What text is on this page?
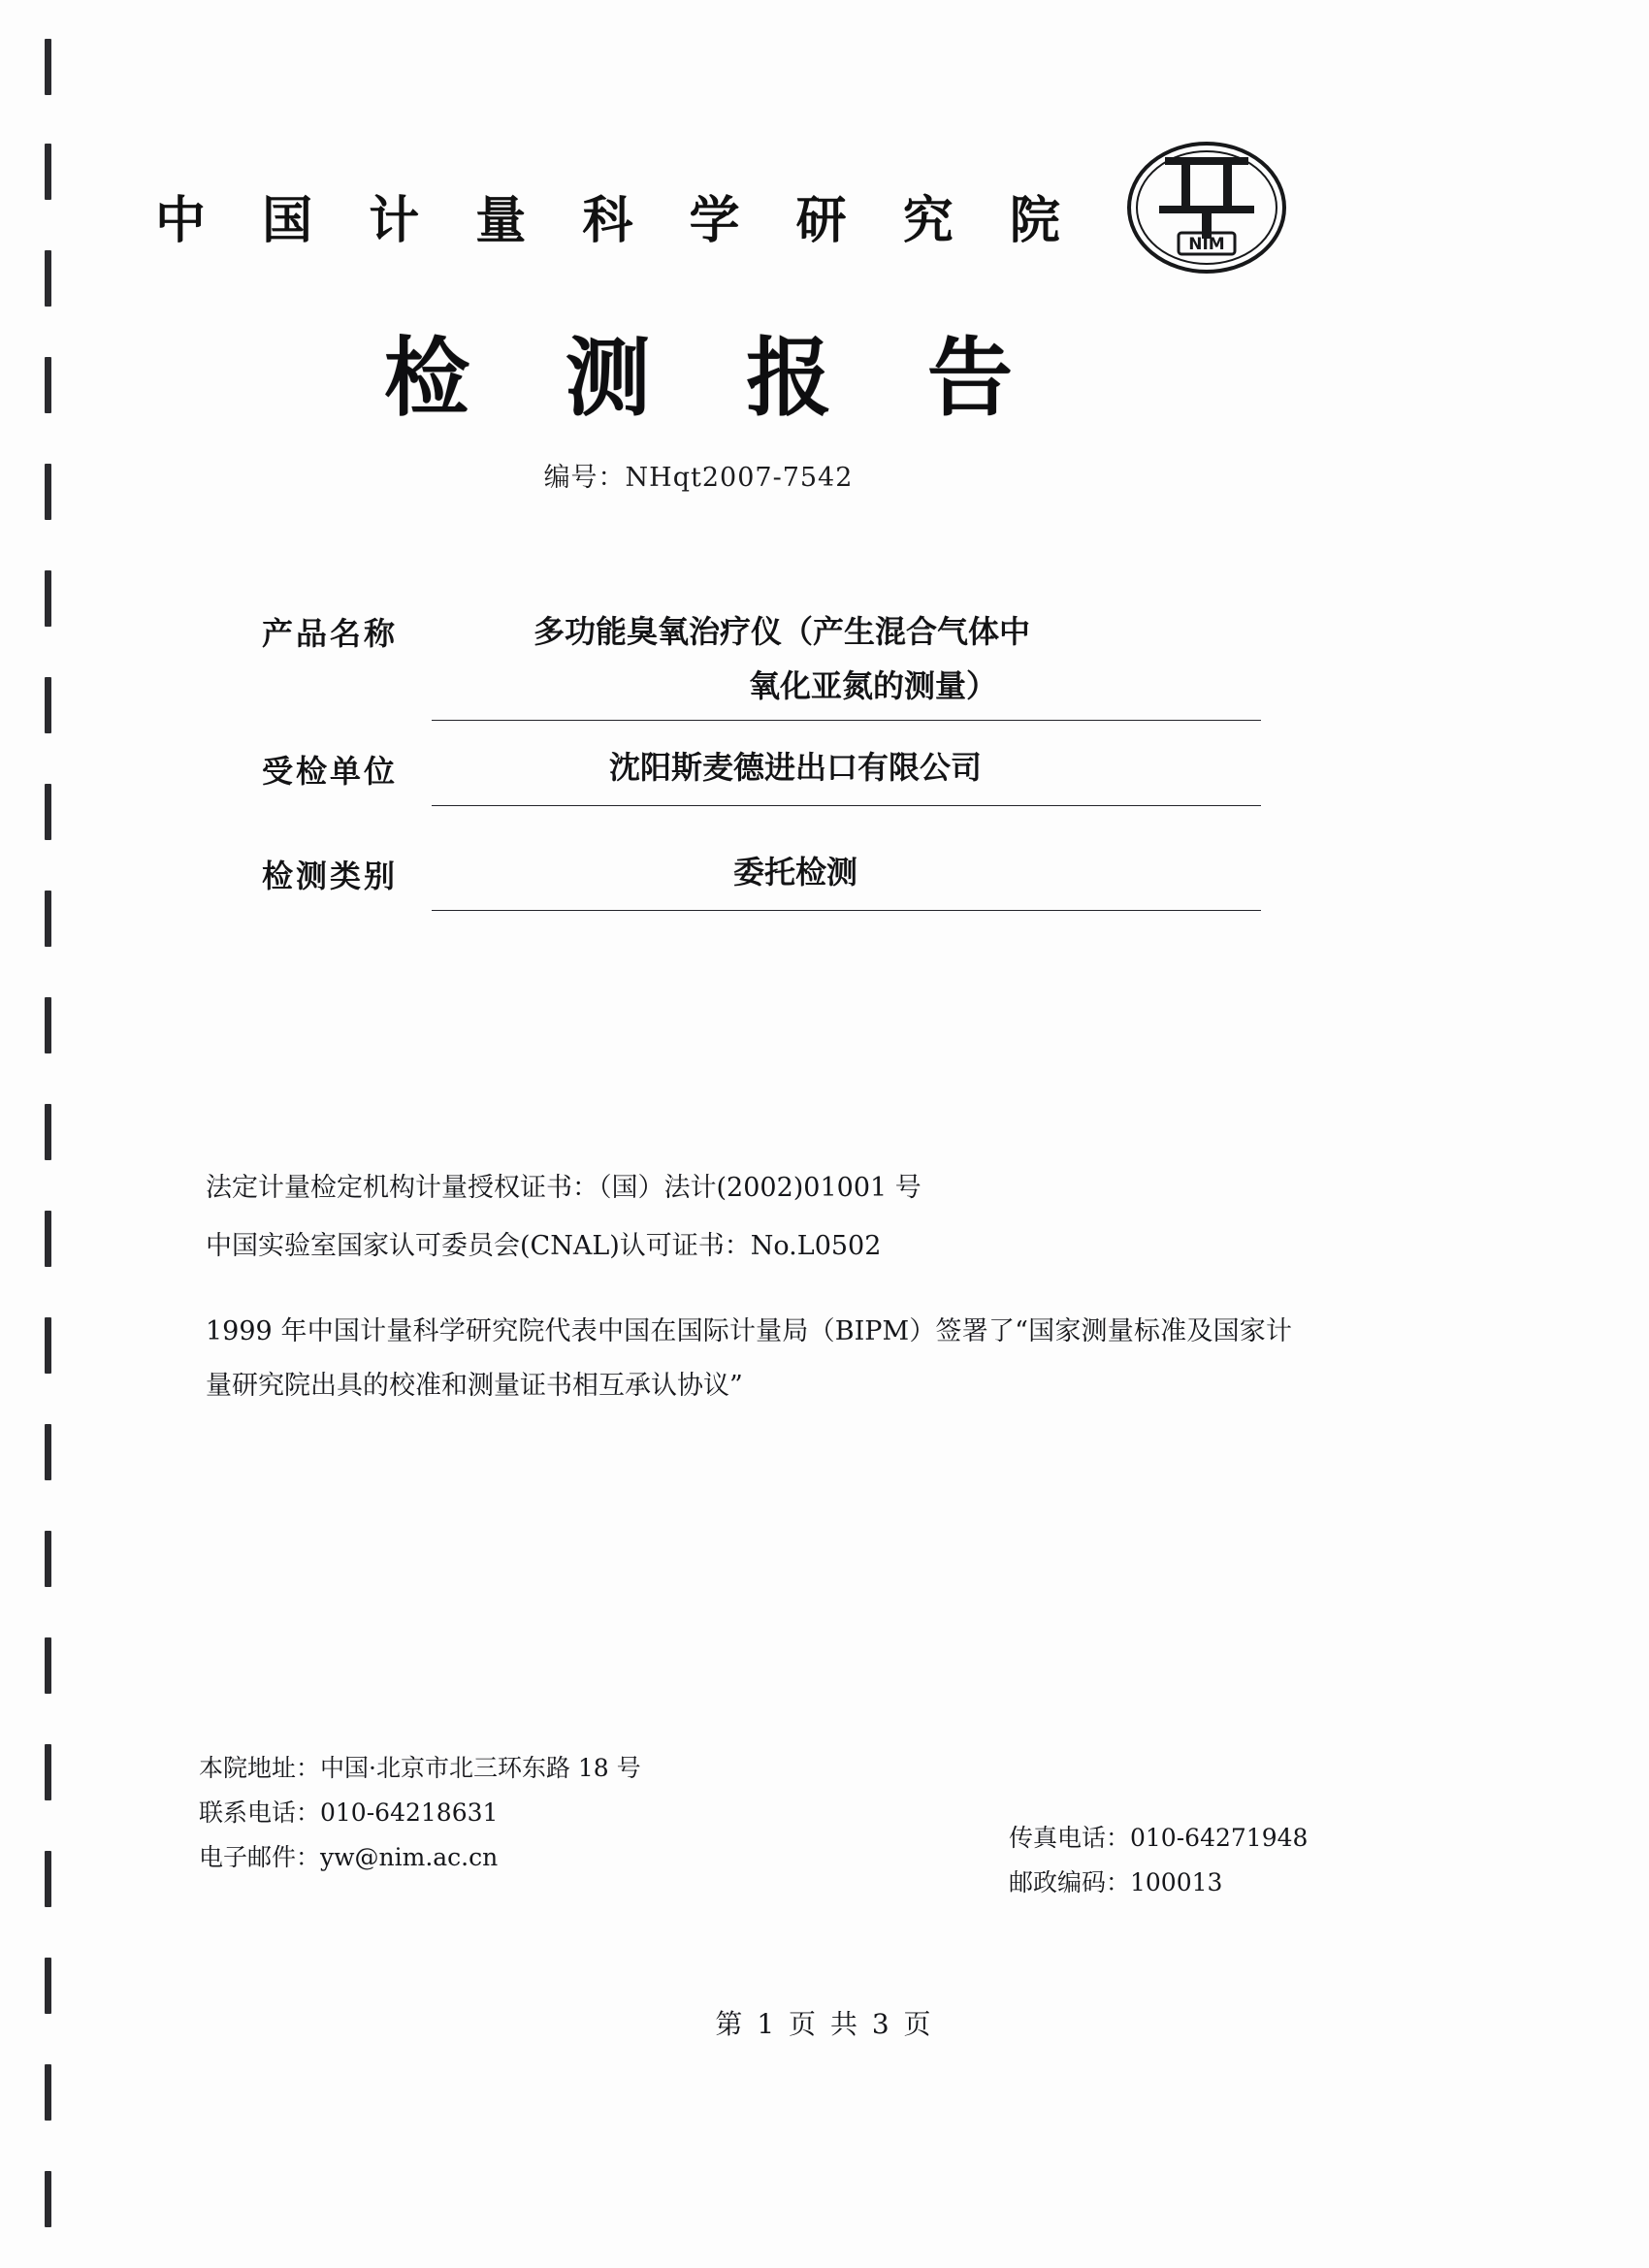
中 国 计 量 科 学 研 究 院	NIM
检 测 报 告
编号：NHqt2007-7542
产品名称	多功能臭氧治疗仪（产生混合气体中
氧化亚氮的测量）
受检单位	沈阳斯麦德进出口有限公司
检测类别	委托检测
法定计量检定机构计量授权证书：（国）法计(2002)01001 号
中国实验室国家认可委员会(CNAL)认可证书：No.L0502
1999 年中国计量科学研究院代表中国在国际计量局（BIPM）签署了“国家测量标准及国家计量研究院出具的校准和测量证书相互承认协议”
本院地址：中国·北京市北三环东路 18 号
联系电话：010-64218631
电子邮件：yw@nim.ac.cn
传真电话：010-64271948
邮政编码：100013
第 1 页 共 3 页
